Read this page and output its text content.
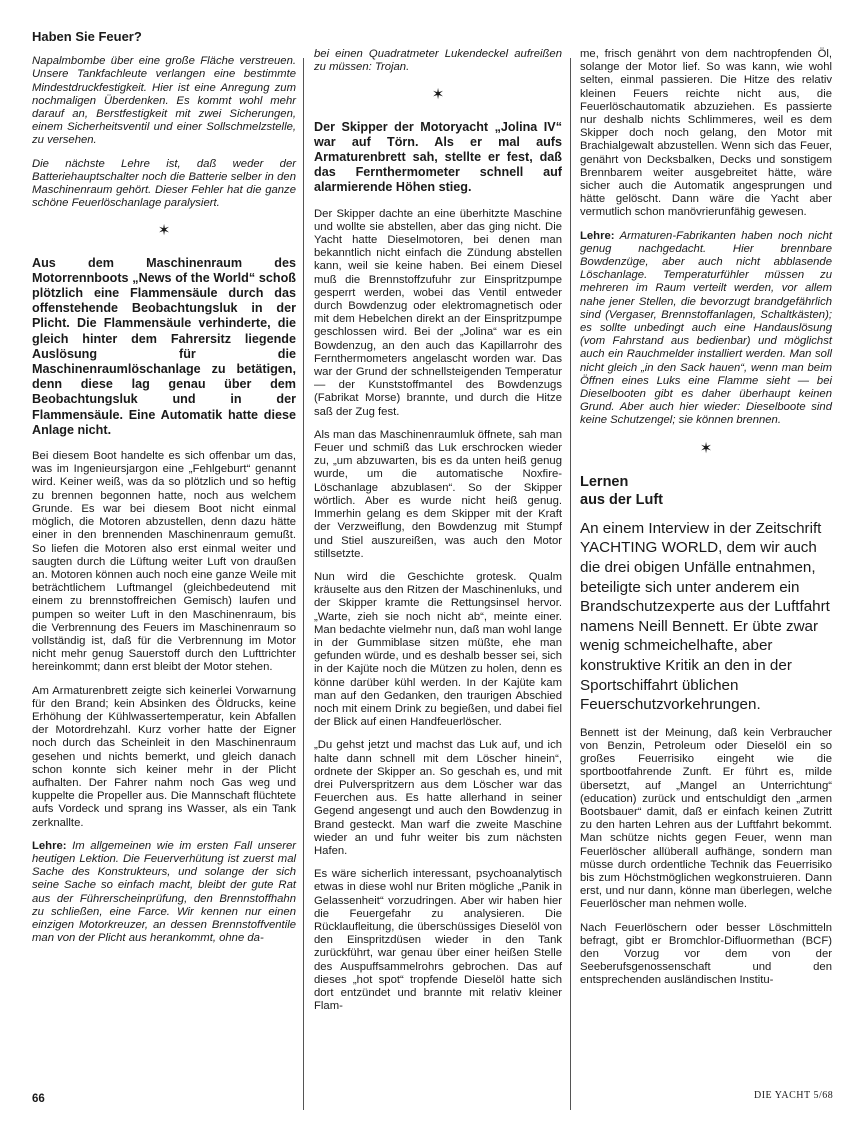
Haben Sie Feuer?

Napalmbombe über eine große Fläche verstreuen. Unsere Tankfachleute verlangen eine bestimmte Mindestdruckfestigkeit. Hier ist eine Anregung zum nochmaligen Überdenken. Es kommt wohl mehr darauf an, Berstfestigkeit mit zwei Sicherungen, einem Sicherheitsventil und einer Sollschmelzstelle, zu versehen.

Die nächste Lehre ist, daß weder der Batteriehauptschalter noch die Batterie selber in den Maschinenraum gehört. Dieser Fehler hat die ganze schöne Feuerlöschanlage paralysiert.

✶

Aus dem Maschinenraum des Motorrennboots „News of the World“ schoß plötzlich eine Flammensäule durch das offenstehende Beobachtungsluk in der Plicht. Die Flammensäule verhinderte, die gleich hinter dem Fahrersitz liegende Auslösung für die Maschinenraumlöschanlage zu betätigen, denn diese lag genau über dem Beobachtungsluk und in der Flammensäule. Eine Automatik hatte diese Anlage nicht.

Bei diesem Boot handelte es sich offenbar um das, was im Ingenieursjargon eine „Fehlgeburt“ genannt wird. Keiner weiß, was da so plötzlich und so heftig zu brennen begonnen hatte, noch aus welchem Grunde. Es war bei diesem Boot nicht einmal möglich, die Motoren abzustellen, denn dazu hätte einer in den brennenden Maschinenraum gemußt. So liefen die Motoren also erst einmal weiter und saugten durch die Lüftung weiter Luft von draußen an. Motoren können auch noch eine ganze Weile mit beträchtlichem Luftmangel (gleichbedeutend mit einem zu brennstoffreichen Gemisch) laufen und pumpen so weiter Luft in den Maschinenraum, bis die Verbrennung des Feuers im Maschinenraum so vollständig ist, daß für die Verbrennung im Motor nicht mehr genug Sauerstoff durch den Lufttrichter hereinkommt; dann erst bleibt der Motor stehen.

Am Armaturenbrett zeigte sich keinerlei Vorwarnung für den Brand; kein Absinken des Öldrucks, keine Erhöhung der Kühlwassertemperatur, kein Abfallen der Motordrehzahl. Kurz vorher hatte der Eigner noch durch das Scheinleit in den Maschinenraum gesehen und nichts bemerkt, und gleich danach schon konnte sich keiner mehr in der Plicht aufhalten. Der Fahrer nahm noch Gas weg und kuppelte die Propeller aus. Die Mannschaft flüchtete aufs Vordeck und sprang ins Wasser, als ein Tank zerknallte.

Lehre: Im allgemeinen wie im ersten Fall unserer heutigen Lektion. Die Feuerverhütung ist zuerst mal Sache des Konstrukteurs, und solange der sich seine Sache so einfach macht, bleibt der gute Rat aus der Führerscheinprüfung, den Brennstoffhahn zu schließen, eine Farce. Wir kennen nur einen einzigen Motorkreuzer, an dessen Brennstoffventile man von der Plicht aus herankommt, ohne da-

bei einen Quadratmeter Lukendeckel aufreißen zu müssen: Trojan.

✶

Der Skipper der Motoryacht „Jolina IV“ war auf Törn. Als er mal aufs Armaturenbrett sah, stellte er fest, daß das Fernthermometer schnell auf alarmierende Höhen stieg.

Der Skipper dachte an eine überhitzte Maschine und wollte sie abstellen, aber das ging nicht. Die Yacht hatte Dieselmotoren, bei denen man bekanntlich nicht einfach die Zündung abstellen kann, weil sie keine haben. Bei einem Diesel muß die Brennstoffzufuhr zur Einspritzpumpe gesperrt werden, wobei das Ventil entweder durch Bowdenzug oder elektromagnetisch oder mit dem Hebelchen direkt an der Einspritzpumpe geschlossen wird. Bei der „Jolina“ war es ein Bowdenzug, an den auch das Kapillarrohr des Fernthermometers angelascht worden war. Das war der Grund der schnellsteigenden Temperatur — der Kunststoffmantel des Bowdenzugs (Fabrikat Morse) brannte, und durch die Hitze saß der Zug fest.

Als man das Maschinenraumluk öffnete, sah man Feuer und schmiß das Luk erschrocken wieder zu, „um abzuwarten, bis es da unten heiß genug wurde, um die automatische Noxfire-Löschanlage abzublasen“. So der Skipper wörtlich. Aber es wurde nicht heiß genug. Immerhin gelang es dem Skipper mit der Kraft der Verzweiflung, den Bowdenzug mit Stumpf und Stiel auszureißen, was auch den Motor stillsetzte.

Nun wird die Geschichte grotesk. Qualm kräuselte aus den Ritzen der Maschinenluks, und der Skipper kramte die Rettungsinsel hervor. „Warte, zieh sie noch nicht ab“, meinte einer. Man bedachte vielmehr nun, daß man wohl lange in der Gummiblase sitzen müßte, ehe man gefunden würde, und es deshalb besser sei, sich in der Kajüte noch die Mützen zu holen, denn es könne darüber kühl werden. In der Kajüte kam man auf den Gedanken, den traurigen Abschied noch mit einem Drink zu begießen, und dabei fiel der Blick auf einen Handfeuerlöscher.

„Du gehst jetzt und machst das Luk auf, und ich halte dann schnell mit dem Löscher hinein“, ordnete der Skipper an. So geschah es, und mit drei Pulverspritzern aus dem Löscher war das Feuerchen aus. Es hatte allerhand in seiner Gegend angesengt und auch den Bowdenzug in Brand gesteckt. Man warf die zweite Maschine wieder an und fuhr weiter bis zum nächsten Hafen.

Es wäre sicherlich interessant, psychoanalytisch etwas in diese wohl nur Briten mögliche „Panik in Gelassenheit“ vorzudringen. Aber wir haben hier die Feuergefahr zu analysieren. Die Rücklaufleitung, die überschüssiges Dieselöl von den Einspritzdüsen wieder in den Tank zurückführt, war genau über einer heißen Stelle des Auspuffsammelrohrs gebrochen. Das auf dieses „hot spot“ tropfende Dieselöl hatte sich dort entzündet und brannte mit relativ kleiner Flam-

me, frisch genährt von dem nachtropfenden Öl, solange der Motor lief. So was kann, wie wohl selten, einmal passieren. Die Hitze des relativ kleinen Feuers reichte nicht aus, die Feuerlöschautomatik abzuziehen. Es passierte nur deshalb nichts Schlimmeres, weil es dem Skipper doch noch gelang, den Motor mit Brachialgewalt abzustellen. Wenn sich das Feuer, genährt von Decksbalken, Decks und sonstigem Brennbarem weiter ausgebreitet hätte, wäre sicher auch die Automatik angesprungen und hätte gelöscht. Dann wäre die Yacht aber vermutlich schon manövrierunfähig gewesen.

Lehre: Armaturen-Fabrikanten haben noch nicht genug nachgedacht. Hier brennbare Bowdenzüge, aber auch nicht abblasende Löschanlage. Temperaturfühler müssen zu mehreren im Raum verteilt werden, vor allem nahe jener Stellen, die bevorzugt brandgefährlich sind (Vergaser, Brennstoffanlagen, Schaltkästen); es sollte unbedingt auch eine Handauslösung (vom Fahrstand aus bedienbar) und möglichst auch ein Rauchmelder installiert werden. Man soll nicht gleich „in den Sack hauen“, wenn man beim Öffnen eines Luks eine Flamme sieht — bei Dieselbooten gibt es daher überhaupt keinen Grund. Aber auch hier wieder: Dieselboote sind keine Schutzengel; sie können brennen.

✶
Lernen
aus der Luft

An einem Interview in der Zeitschrift YACHTING WORLD, dem wir auch die drei obigen Unfälle entnahmen, beteiligte sich unter anderem ein Brandschutzexperte aus der Luftfahrt namens Neill Bennett. Er übte zwar wenig schmeichelhafte, aber konstruktive Kritik an den in der Sportschiffahrt üblichen Feuerschutzvorkehrungen.

Bennett ist der Meinung, daß kein Verbraucher von Benzin, Petroleum oder Dieselöl ein so großes Feuerrisiko eingeht wie die sportbootfahrende Zunft. Er führt es, milde übersetzt, auf „Mangel an Unterrichtung“ (education) zurück und entschuldigt den „armen Bootsbauer“ damit, daß er einfach keinen Zutritt zu den harten Lehren aus der Luftfahrt bekommt. Man schütze nichts gegen Feuer, wenn man Feuerlöscher allüberall aufhänge, sondern man müsse durch ordentliche Technik das Feuerrisiko bis zum Höchstmöglichen wegkonstruieren. Dann erst, und nur dann, könne man überlegen, welche Feuerlöscher man nehmen wolle.

Nach Feuerlöschern oder besser Löschmitteln befragt, gibt er Bromchlor-Difluormethan (BCF) den Vorzug vor dem von der Seeberufsgenossenschaft und den entsprechenden ausländischen Institu-

66	DIE YACHT 5/68
